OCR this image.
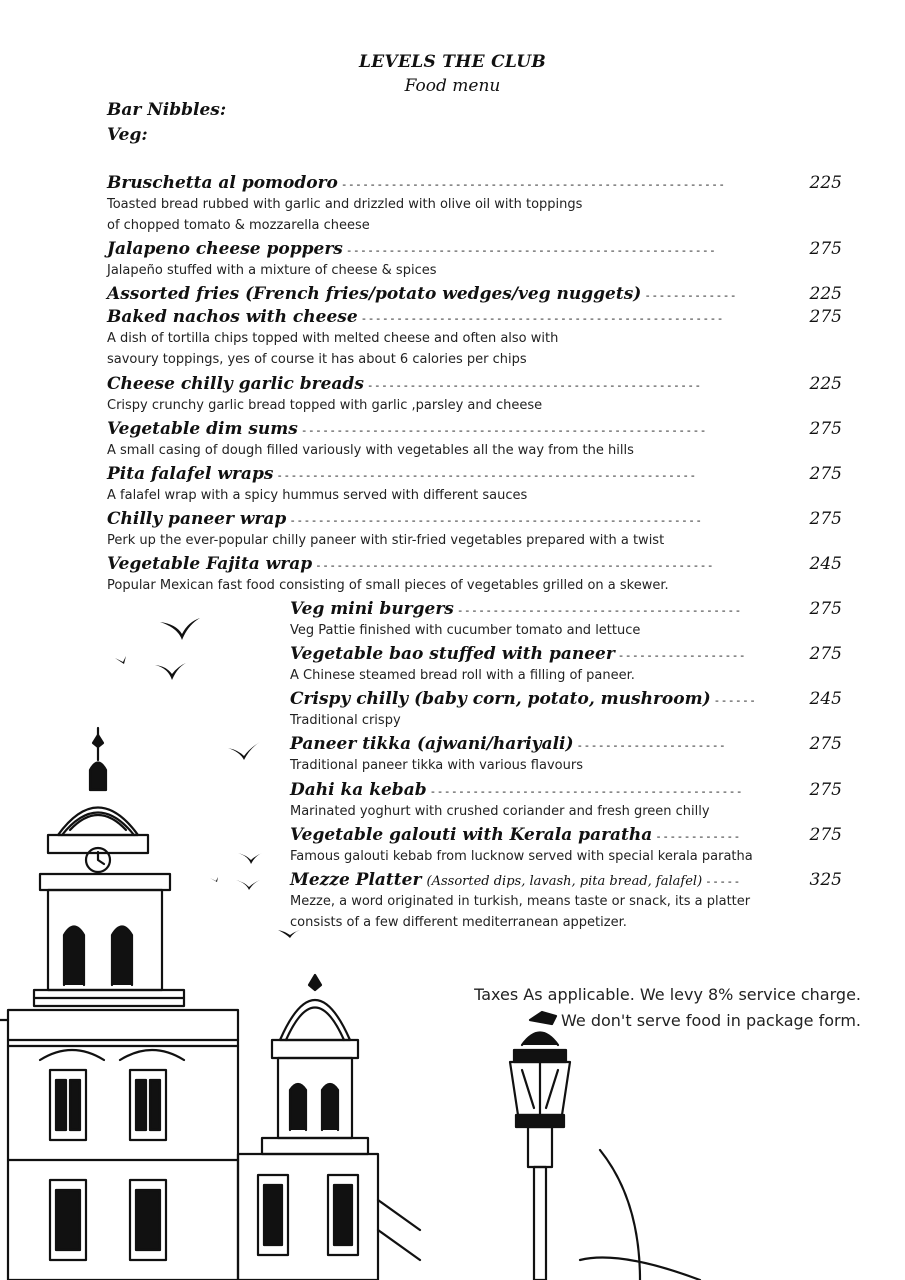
LEVELS THE CLUB
Food menu
Bar Nibbles:
Veg:
Bruschetta al pomodoro ------------------------------------------------------	225
Toasted bread rubbed with garlic and drizzled with olive oil with toppings
of chopped tomato & mozzarella cheese
Jalapeno cheese poppers ----------------------------------------------------	275
Jalapeño stuffed with a mixture of cheese & spices
Assorted fries (French fries/potato wedges/veg nuggets) -------------	225
Baked nachos with cheese ---------------------------------------------------	275
A dish of tortilla chips topped with melted cheese and often also with
savoury toppings, yes of course it has about 6 calories per chips
Cheese chilly garlic breads -----------------------------------------------	225
Crispy crunchy garlic bread topped with garlic ,parsley and cheese
Vegetable dim sums ---------------------------------------------------------	275
A small casing of dough filled variously with vegetables all the way from the hills
Pita falafel wraps -----------------------------------------------------------	275
A falafel wrap with a spicy hummus served with different sauces
Chilly paneer wrap ----------------------------------------------------------	275
Perk up the ever-popular chilly paneer with stir-fried vegetables prepared with a twist
Vegetable Fajita wrap --------------------------------------------------------	245
Popular Mexican fast food consisting of small pieces of vegetables grilled on a skewer.
Veg mini burgers ----------------------------------------	275
Veg Pattie finished with cucumber tomato and lettuce
Vegetable bao stuffed with paneer ------------------	275
A Chinese steamed bread roll with a filling of paneer.
Crispy chilly (baby corn, potato, mushroom) ------	245
Traditional crispy
Paneer tikka (ajwani/hariyali) ---------------------	275
Traditional paneer tikka with various flavours
Dahi ka kebab --------------------------------------------	275
Marinated yoghurt with crushed coriander and fresh green chilly
Vegetable galouti with Kerala paratha ------------	275
Famous galouti kebab from lucknow served with special kerala paratha
Mezze Platter (Assorted dips, lavash, pita bread, falafel) -----	325
Mezze, a word originated in turkish, means taste or snack, its a platter
consists of a few different mediterranean appetizer.
Taxes As applicable. We levy 8% service charge.
We don't serve food in package form.
